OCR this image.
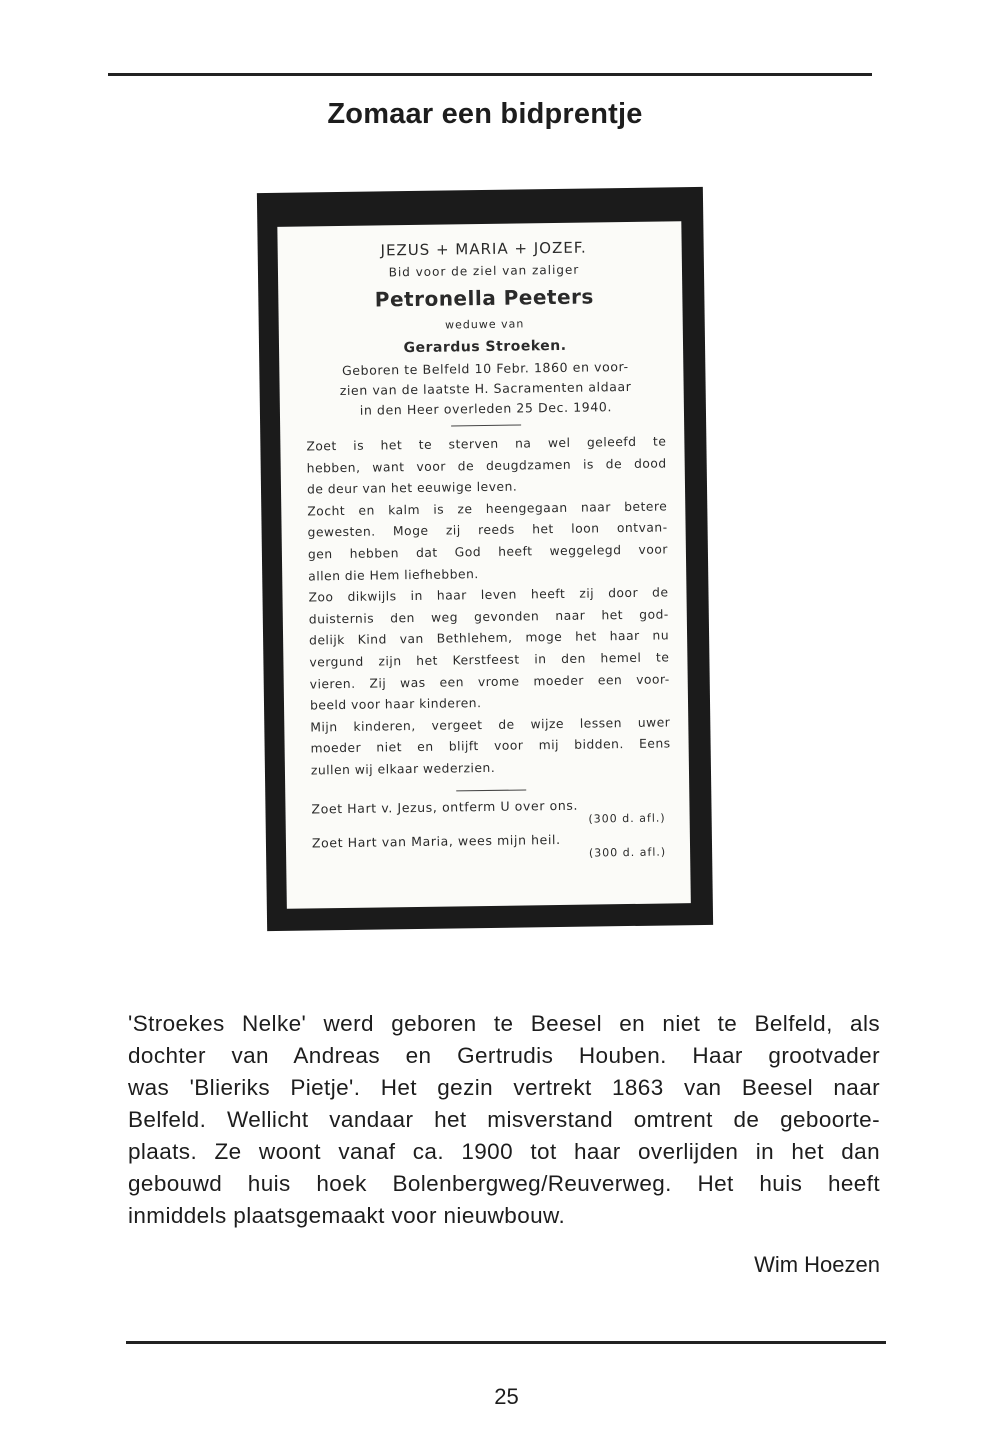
Zomaar een bidprentje

JEZUS + MARIA + JOZEF.

Bid voor de ziel van zaliger

Petronella Peeters

weduwe van

Gerardus Stroeken.

Geboren te Belfeld 10 Febr. 1860 en voor-

zien van de laatste H. Sacramenten aldaar

in den Heer overleden 25 Dec. 1940.

Zoet is het te sterven na wel geleefd te

hebben, want voor de deugdzamen is de dood

de deur van het eeuwige leven.

Zocht en kalm is ze heengegaan naar betere

gewesten. Moge zij reeds het loon ontvan-

gen hebben dat God heeft weggelegd voor

allen die Hem liefhebben.

Zoo dikwijls in haar leven heeft zij door de

duisternis den weg gevonden naar het god-

delijk Kind van Bethlehem, moge het haar nu

vergund zijn het Kerstfeest in den hemel te

vieren. Zij was een vrome moeder een voor-

beeld voor haar kinderen.

Mijn kinderen, vergeet de wijze lessen uwer

moeder niet en blijft voor mij bidden. Eens

zullen wij elkaar wederzien.

Zoet Hart v. Jezus, ontferm U over ons.

(300 d. afl.)

Zoet Hart van Maria, wees mijn heil.

(300 d. afl.)

'Stroekes Nelke' werd geboren te Beesel en niet te Belfeld, als

dochter van Andreas en Gertrudis Houben. Haar grootvader

was 'Blieriks Pietje'. Het gezin vertrekt 1863 van Beesel naar

Belfeld. Wellicht vandaar het misverstand omtrent de geboorte-

plaats. Ze woont vanaf ca. 1900 tot haar overlijden in het dan

gebouwd huis hoek Bolenbergweg/Reuverweg. Het huis heeft

inmiddels plaatsgemaakt voor nieuwbouw.

Wim Hoezen
25
